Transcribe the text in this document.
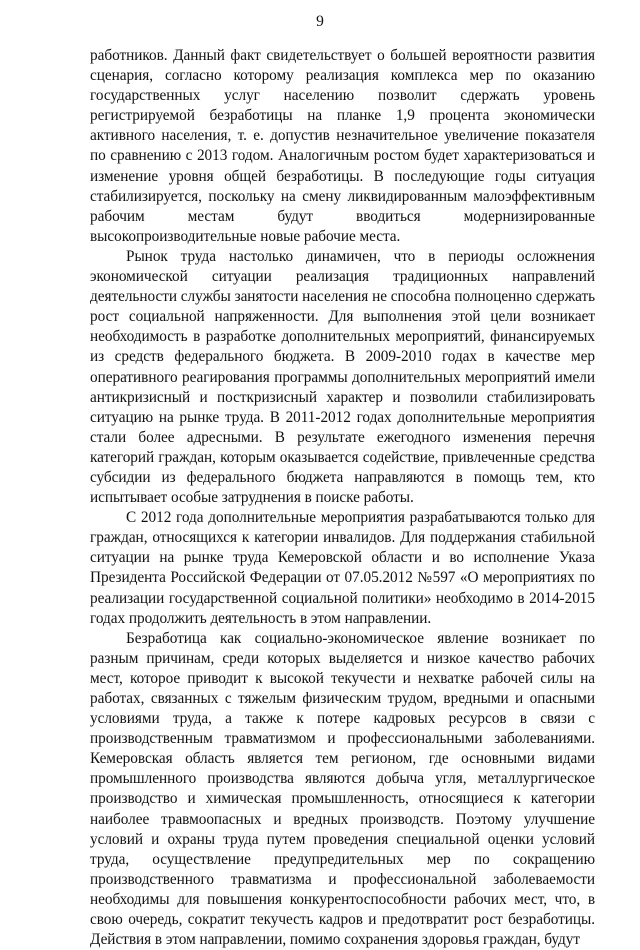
9

работников. Данный факт свидетельствует о большей вероятности развития сценария, согласно которому реализация комплекса мер по оказанию государственных услуг населению позволит сдержать уровень регистрируемой безработицы на планке 1,9 процента экономически активного населения, т. е. допустив незначительное увеличение показателя по сравнению с 2013 годом. Аналогичным ростом будет характеризоваться и изменение уровня общей безработицы. В последующие годы ситуация стабилизируется, поскольку на смену ликвидированным малоэффективным рабочим местам будут вводиться модернизированные высокопроизводительные новые рабочие места.

Рынок труда настолько динамичен, что в периоды осложнения экономической ситуации реализация традиционных направлений деятельности службы занятости населения не способна полноценно сдержать рост социальной напряженности. Для выполнения этой цели возникает необходимость в разработке дополнительных мероприятий, финансируемых из средств федерального бюджета. В 2009-2010 годах в качестве мер оперативного реагирования программы дополнительных мероприятий имели антикризисный и посткризисный характер и позволили стабилизировать ситуацию на рынке труда. В 2011-2012 годах дополнительные мероприятия стали более адресными. В результате ежегодного изменения перечня категорий граждан, которым оказывается содействие, привлеченные средства субсидии из федерального бюджета направляются в помощь тем, кто испытывает особые затруднения в поиске работы.

С 2012 года дополнительные мероприятия разрабатываются только для граждан, относящихся к категории инвалидов. Для поддержания стабильной ситуации на рынке труда Кемеровской области и во исполнение Указа Президента Российской Федерации от 07.05.2012 №597 «О мероприятиях по реализации государственной социальной политики» необходимо в 2014-2015 годах продолжить деятельность в этом направлении.

Безработица как социально-экономическое явление возникает по разным причинам, среди которых выделяется и низкое качество рабочих мест, которое приводит к высокой текучести и нехватке рабочей силы на работах, связанных с тяжелым физическим трудом, вредными и опасными условиями труда, а также к потере кадровых ресурсов в связи с производственным травматизмом и профессиональными заболеваниями. Кемеровская область является тем регионом, где основными видами промышленного производства являются добыча угля, металлургическое производство и химическая промышленность, относящиеся к категории наиболее травмоопасных и вредных производств. Поэтому улучшение условий и охраны труда путем проведения специальной оценки условий труда, осуществление предупредительных мер по сокращению производственного травматизма и профессиональной заболеваемости необходимы для повышения конкурентоспособности рабочих мест, что, в свою очередь, сократит текучесть кадров и предотвратит рост безработицы. Действия в этом направлении, помимо сохранения здоровья граждан, будут
